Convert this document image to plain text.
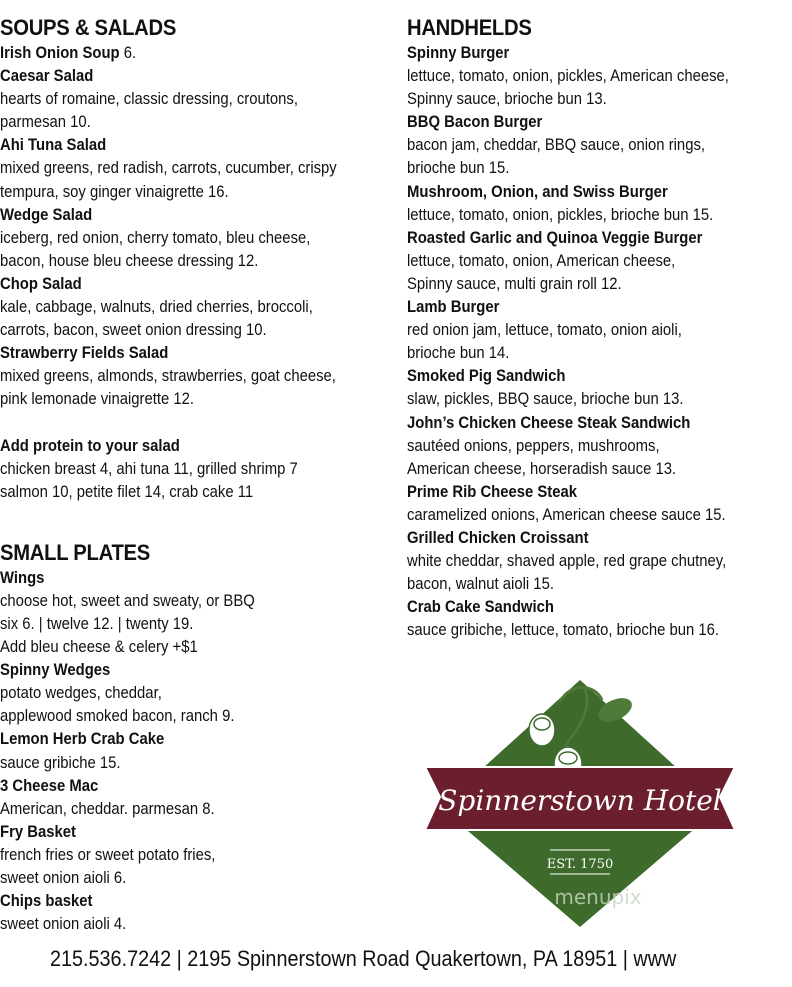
SOUPS & SALADS
Irish Onion Soup 6.
Caesar Salad
hearts of romaine, classic dressing, croutons,
parmesan 10.
Ahi Tuna Salad
mixed greens, red radish, carrots, cucumber, crispy
tempura, soy ginger vinaigrette 16.
Wedge Salad
iceberg, red onion, cherry tomato, bleu cheese,
bacon, house bleu cheese dressing 12.
Chop Salad
kale, cabbage, walnuts, dried cherries, broccoli,
carrots, bacon, sweet onion dressing 10.
Strawberry Fields Salad
mixed greens, almonds, strawberries, goat cheese,
pink lemonade vinaigrette 12.
Add protein to your salad
chicken breast 4, ahi tuna 11, grilled shrimp 7
salmon 10, petite filet 14, crab cake 11
SMALL PLATES
Wings
choose hot, sweet and sweaty, or BBQ
six 6. | twelve 12. | twenty 19.
Add bleu cheese & celery +$1
Spinny Wedges
potato wedges, cheddar,
applewood smoked bacon, ranch 9.
Lemon Herb Crab Cake
sauce gribiche 15.
3 Cheese Mac
American, cheddar. parmesan 8.
Fry Basket
french fries or sweet potato fries,
sweet onion aioli 6.
Chips basket
sweet onion aioli 4.
HANDHELDS
Spinny Burger
lettuce, tomato, onion, pickles, American cheese,
Spinny sauce, brioche bun 13.
BBQ Bacon Burger
bacon jam, cheddar, BBQ sauce, onion rings,
brioche bun 15.
Mushroom, Onion, and Swiss Burger
lettuce, tomato, onion, pickles, brioche bun 15.
Roasted Garlic and Quinoa Veggie Burger
lettuce, tomato, onion, American cheese,
Spinny sauce, multi grain roll 12.
Lamb Burger
red onion jam, lettuce, tomato, onion aioli,
brioche bun 14.
Smoked Pig Sandwich
slaw, pickles, BBQ sauce, brioche bun 13.
John’s Chicken Cheese Steak Sandwich
sautéed onions, peppers, mushrooms,
American cheese, horseradish sauce 13.
Prime Rib Cheese Steak
caramelized onions, American cheese sauce 15.
Grilled Chicken Croissant
white cheddar, shaved apple, red grape chutney,
bacon, walnut aioli 15.
Crab Cake Sandwich
sauce gribiche, lettuce, tomato, brioche bun 16.
Spinnerstown Hotel
EST. 1750
menupix
215.536.7242 | 2195 Spinnerstown Road Quakertown, PA 18951 | www
